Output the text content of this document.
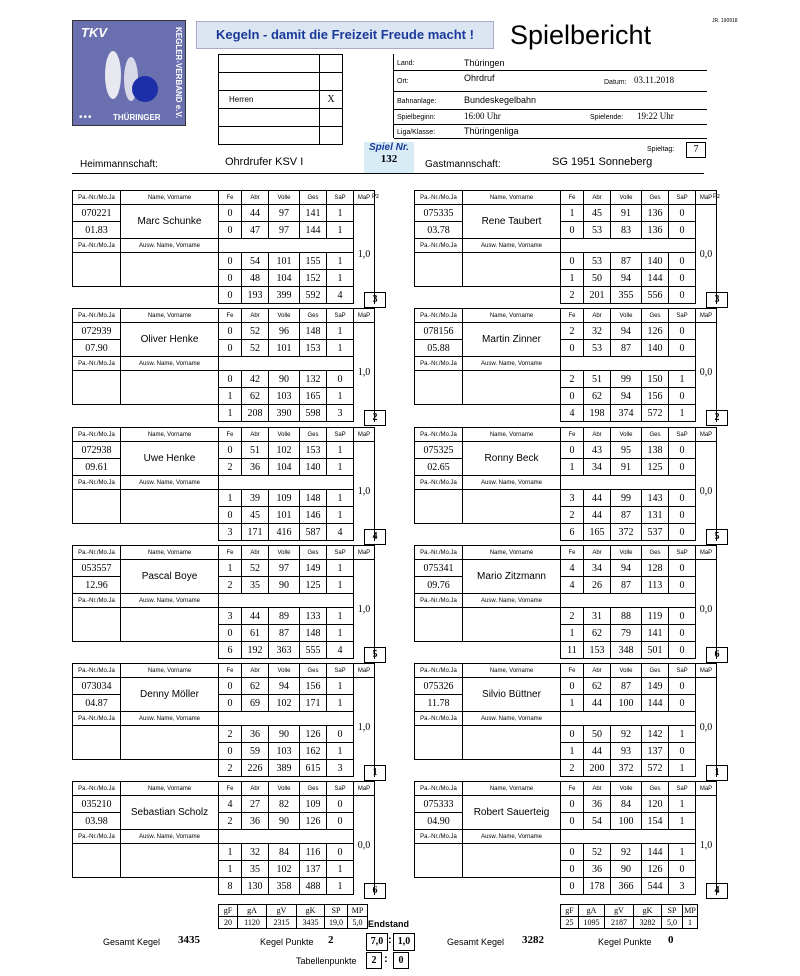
TKV	KEGLER-VERBAND e.V.
•••	THÜRINGER
Kegeln - damit die Freizeit Freude macht !	Spielbericht	JR. 190918

Herren	X

Land:	Thüringen
Ort:	Ohrdruf	Datum: 03.11.2018
Bahnanlage:	Bundeskegelbahn
Spielbeginn:	16:00 Uhr	Spielende: 19:22 Uhr
Liga/Klasse:	Thüringenliga
Spieltag:	7
Spiel Nr.
132
Heimmannschaft:	Ohrdrufer KSV I	Gastmannschaft:	SG 1951 Sonneberg
Pa.-Nr./Mo.Ja	Name, Vorname	Fe	Abr	Volle	Ges	SaP	MaP
070221	Marc Schunke	0	44	97	141	1	1,0
01.83		0	47	97	144	1	
Pa.-Nr./Mo.Ja	Ausw. Name, Vorname						
		0	54	101	155	1	
		0	48	104	152	1	
		0	193	399	592	4	
Pa.-Nr./Mo.Ja	Name, Vorname	Fe	Abr	Volle	Ges	SaP	MaP
075335	Rene Taubert	1	45	91	136	0	0,0
03.78		0	53	83	136	0	
Pa.-Nr./Mo.Ja	Ausw. Name, Vorname						
		0	53	87	140	0	
		1	50	94	144	0	
		2	201	355	556	0	
3	3
Pa.-Nr./Mo.Ja	Name, Vorname	Fe	Abr	Volle	Ges	SaP	MaP
072939	Oliver Henke	0	52	96	148	1	1,0
07.90		0	52	101	153	1	
Pa.-Nr./Mo.Ja	Ausw. Name, Vorname						
		0	42	90	132	0	
		1	62	103	165	1	
		1	208	390	598	3	
Pa.-Nr./Mo.Ja	Name, Vorname	Fe	Abr	Volle	Ges	SaP	MaP
078156	Martin Zinner	2	32	94	126	0	0,0
05.88		0	53	87	140	0	
Pa.-Nr./Mo.Ja	Ausw. Name, Vorname						
		2	51	99	150	1	
		0	62	94	156	0	
		4	198	374	572	1	
2	2
Pa.-Nr./Mo.Ja	Name, Vorname	Fe	Abr	Volle	Ges	SaP	MaP
072938	Uwe Henke	0	51	102	153	1	1,0
09.61		2	36	104	140	1	
Pa.-Nr./Mo.Ja	Ausw. Name, Vorname						
		1	39	109	148	1	
		0	45	101	146	1	
		3	171	416	587	4	
Pa.-Nr./Mo.Ja	Name, Vorname	Fe	Abr	Volle	Ges	SaP	MaP
075325	Ronny Beck	0	43	95	138	0	0,0
02.65		1	34	91	125	0	
Pa.-Nr./Mo.Ja	Ausw. Name, Vorname						
		3	44	99	143	0	
		2	44	87	131	0	
		6	165	372	537	0	
4	5
Pa.-Nr./Mo.Ja	Name, Vorname	Fe	Abr	Volle	Ges	SaP	MaP
053557	Pascal Boye	1	52	97	149	1	1,0
12.96		2	35	90	125	1	
Pa.-Nr./Mo.Ja	Ausw. Name, Vorname						
		3	44	89	133	1	
		0	61	87	148	1	
		6	192	363	555	4	
Pa.-Nr./Mo.Ja	Name, Vorname	Fe	Abr	Volle	Ges	SaP	MaP
075341	Mario Zitzmann	4	34	94	128	0	0,0
09.76		4	26	87	113	0	
Pa.-Nr./Mo.Ja	Ausw. Name, Vorname						
		2	31	88	119	0	
		1	62	79	141	0	
		11	153	348	501	0	
5	6
Pa.-Nr./Mo.Ja	Name, Vorname	Fe	Abr	Volle	Ges	SaP	MaP
073034	Denny Möller	0	62	94	156	1	1,0
04.87		0	69	102	171	1	
Pa.-Nr./Mo.Ja	Ausw. Name, Vorname						
		2	36	90	126	0	
		0	59	103	162	1	
		2	226	389	615	3	
Pa.-Nr./Mo.Ja	Name, Vorname	Fe	Abr	Volle	Ges	SaP	MaP
075326	Silvio Büttner	0	62	87	149	0	0,0
11.78		1	44	100	144	0	
Pa.-Nr./Mo.Ja	Ausw. Name, Vorname						
		0	50	92	142	1	
		1	44	93	137	0	
		2	200	372	572	1	
1	1
Pa.-Nr./Mo.Ja	Name, Vorname	Fe	Abr	Volle	Ges	SaP	MaP
035210	Sebastian Scholz	4	27	82	109	0	0,0
03.98		2	36	90	126	0	
Pa.-Nr./Mo.Ja	Ausw. Name, Vorname						
		1	32	84	116	0	
		1	35	102	137	1	
		8	130	358	488	1	
Pa.-Nr./Mo.Ja	Name, Vorname	Fe	Abr	Volle	Ges	SaP	MaP
075333	Robert Sauerteig	0	36	84	120	1	1,0
04.90		0	54	100	154	1	
Pa.-Nr./Mo.Ja	Ausw. Name, Vorname						
		0	52	92	144	1	
		0	36	90	126	0	
		0	178	366	544	3	
6	4
Pz	Pz
gF	gA	gV	gK	SP	MP
20	1120	2315	3435	19,0	5,0
gF	gA	gV	gK	SP	MP
25	1095	2187	3282	5,0	1
Endstand
Gesamt Kegel 3435	Kegel Punkte 2	7,0 : 1,0	Gesamt Kegel 3282	Kegel Punkte 0
Tabellenpunkte	2 :	0
